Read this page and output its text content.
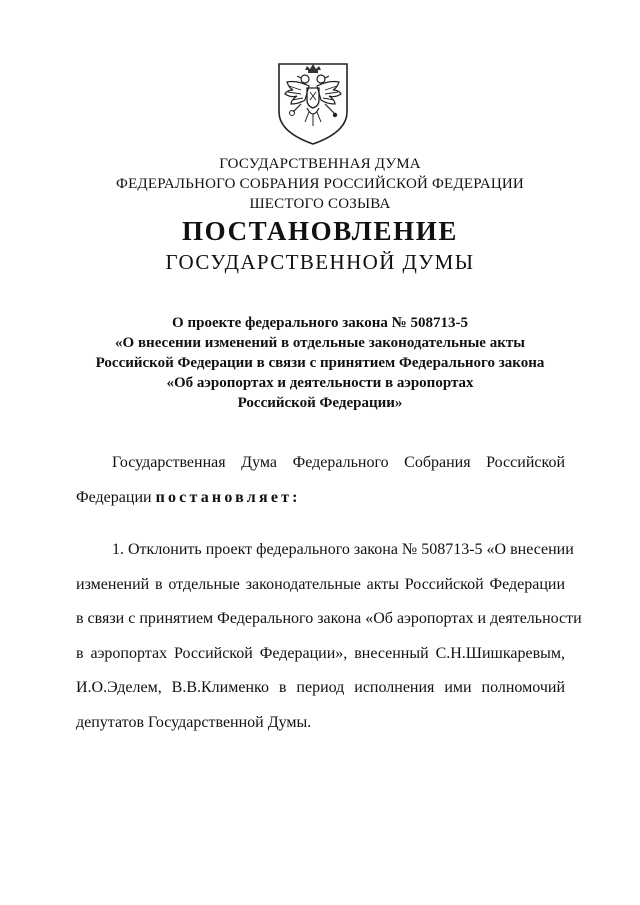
ГОСУДАРСТВЕННАЯ ДУМА
ФЕДЕРАЛЬНОГО СОБРАНИЯ РОССИЙСКОЙ ФЕДЕРАЦИИ
ШЕСТОГО СОЗЫВА
ПОСТАНОВЛЕНИЕ
ГОСУДАРСТВЕННОЙ ДУМЫ
О проекте федерального закона № 508713-5
«О внесении изменений в отдельные законодательные акты
Российской Федерации в связи с принятием Федерального закона
«Об аэропортах и деятельности в аэропортах
Российской Федерации»
Государственная Дума Федерального Собрания Российской
Федерации постановляет:
1. Отклонить проект федерального закона № 508713-5 «О внесении
изменений в отдельные законодательные акты Российской Федерации
в связи с принятием Федерального закона «Об аэропортах и деятельности
в аэропортах Российской Федерации», внесенный С.Н.Шишкаревым,
И.О.Эделем, В.В.Клименко в период исполнения ими полномочий
депутатов Государственной Думы.
